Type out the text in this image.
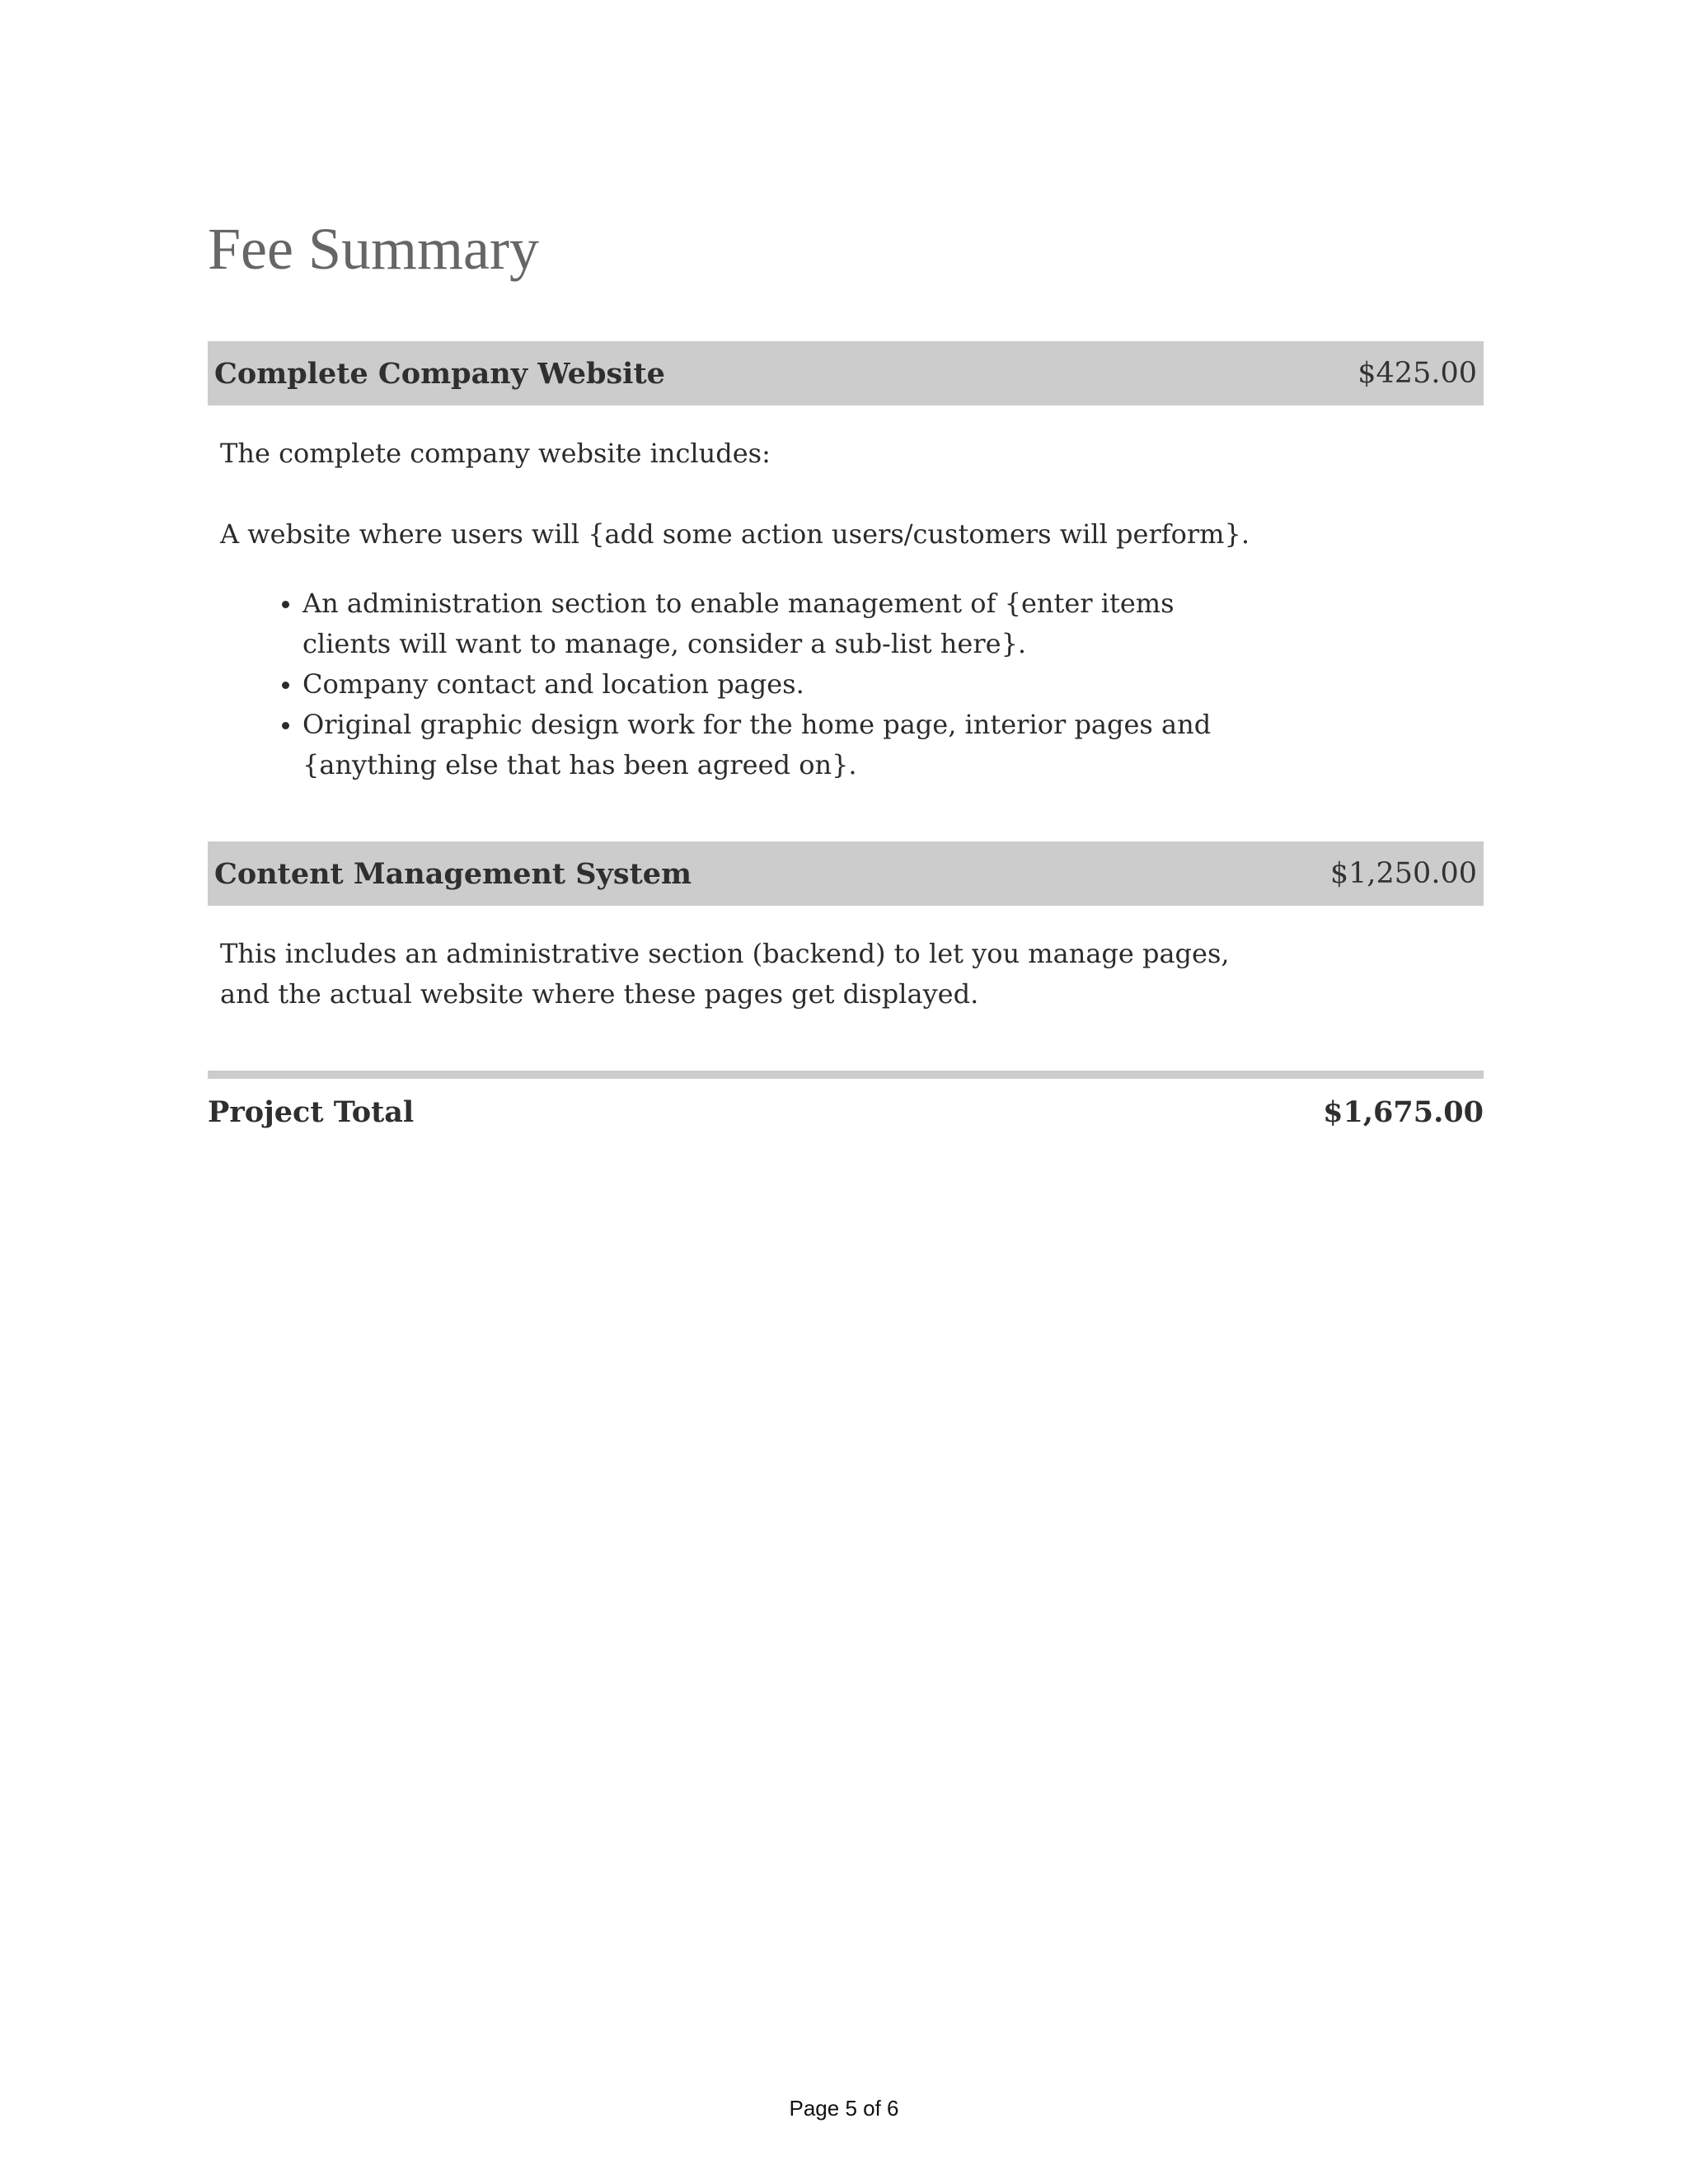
Fee Summary
Complete Company Website	$425.00

The complete company website includes:

A website where users will {add some action users/customers will perform}.

• An administration section to enable management of {enter items clients will want to manage, consider a sub-list here}.
• Company contact and location pages.
• Original graphic design work for the home page, interior pages and {anything else that has been agreed on}.
Content Management System	$1,250.00

This includes an administrative section (backend) to let you manage pages, and the actual website where these pages get displayed.

Project Total	$1,675.00
Page 5 of 6
